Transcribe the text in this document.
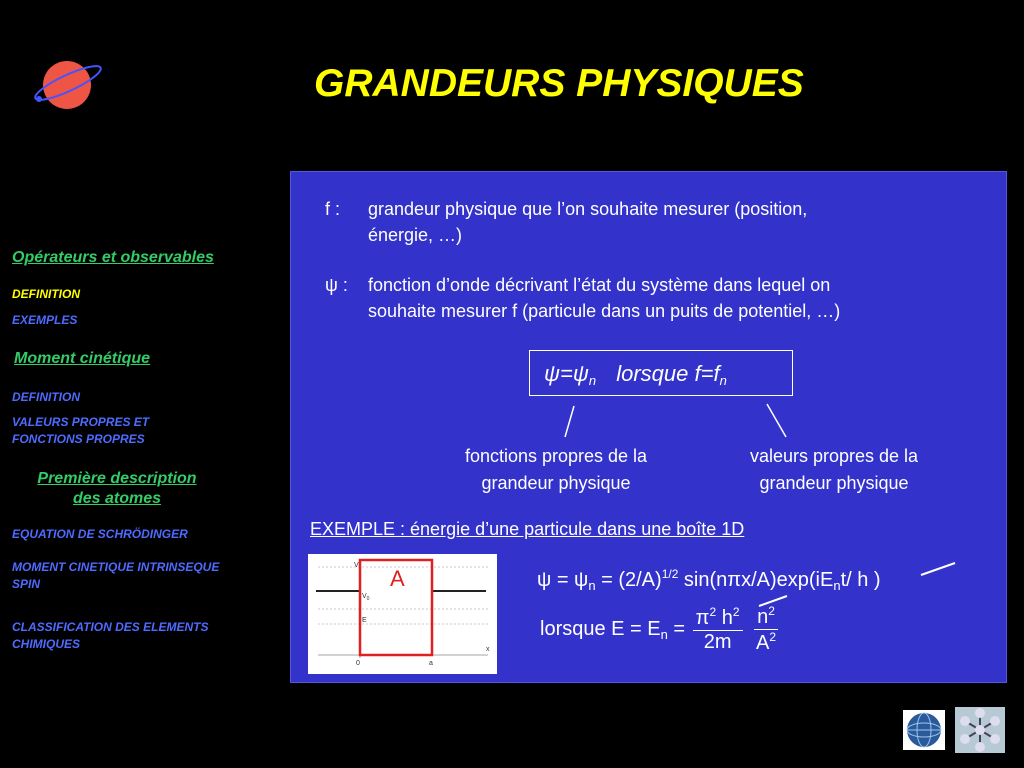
GRANDEURS PHYSIQUES
Opérateurs et observables
DEFINITION
EXEMPLES
Moment cinétique
DEFINITION
VALEURS PROPRES ET
FONCTIONS PROPRES
Première description
des atomes
EQUATION DE SCHRÖDINGER
MOMENT CINETIQUE INTRINSEQUE
SPIN
CLASSIFICATION DES ELEMENTS
CHIMIQUES
f : grandeur physique que l’on souhaite mesurer (position,
énergie, …)
ψ : fonction d’onde décrivant l’état du système dans lequel on
souhaite mesurer f (particule dans un puits de potentiel, …)
ψ=ψn lorsque f=fn
fonctions propres de la
grandeur physique
valeurs propres de la
grandeur physique
EXEMPLE : énergie d’une particule dans une boîte 1D
V
$V_0$
E
0	a
x
A	$\psi = \psi_n = (2/A)^{1/2}$ $\sin(n\pi x/A)\exp(iE_nt/$ h )
lorsque $E = E_n = \frac{\pi^2 h^2}{2m}$
$\frac{n^2}{A^2}$
